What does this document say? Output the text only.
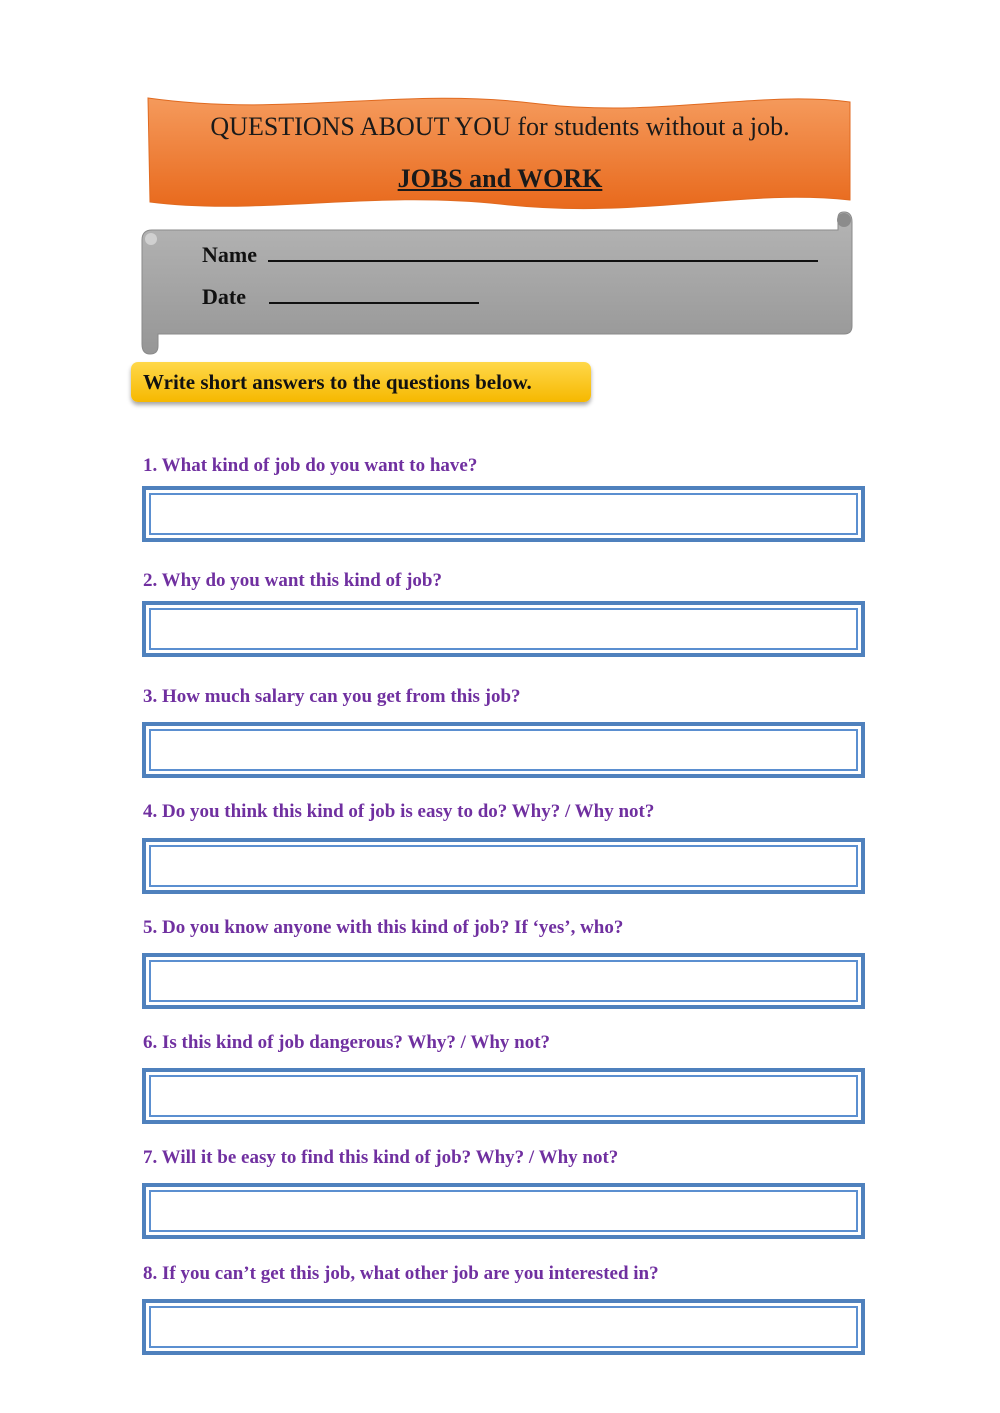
QUESTIONS ABOUT YOU for students without a job.
JOBS and WORK
Name
Date
Write short answers to the questions below.
1. What kind of job do you want to have?
2. Why do you want this kind of job?
3. How much salary can you get from this job?
4. Do you think this kind of job is easy to do? Why? / Why not?
5. Do you know anyone with this kind of job? If ‘yes’, who?
6. Is this kind of job dangerous? Why? / Why not?
7. Will it be easy to find this kind of job? Why? / Why not?
8. If you can’t get this job, what other job are you interested in?
